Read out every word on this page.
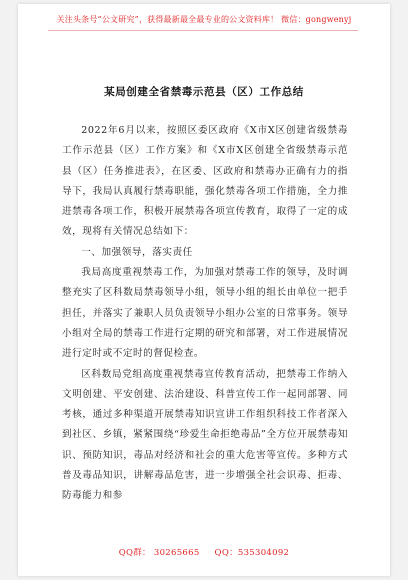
关注头条号“公文研究”，获得最新最全最专业的公文资料库！ 微信：gongwenyj
某局创建全省禁毒示范县（区）工作总结

2022年6月以来，按照区委区政府《X市X区创建省级禁毒工作示范县（区）工作方案》和《X市X区创建全省级禁毒示范县（区）任务推进表》，在区委、区政府和禁毒办正确有力的指导下，我局认真履行禁毒职能，强化禁毒各项工作措施，全力推进禁毒各项工作，积极开展禁毒各项宣传教育，取得了一定的成效，现将有关情况总结如下：

一、加强领导，落实责任

我局高度重视禁毒工作，为加强对禁毒工作的领导，及时调整充实了区科数局禁毒领导小组，领导小组的组长由单位一把手担任，并落实了兼职人员负责领导小组办公室的日常事务。领导小组对全局的禁毒工作进行定期的研究和部署，对工作进展情况进行定时或不定时的督促检查。

区科数局党组高度重视禁毒宣传教育活动，把禁毒工作纳入文明创建、平安创建、法治建设、科普宣传工作一起同部署、同考核，通过多种渠道开展禁毒知识宣讲工作组织科技工作者深入到社区、乡镇，紧紧围绕“珍爱生命拒绝毒品”全方位开展禁毒知识、预防知识，毒品对经济和社会的重大危害等宣传。多种方式普及毒品知识，讲解毒品危害，进一步增强全社会识毒、拒毒、防毒能力和参

QQ群： 30265665 QQ：535304092
